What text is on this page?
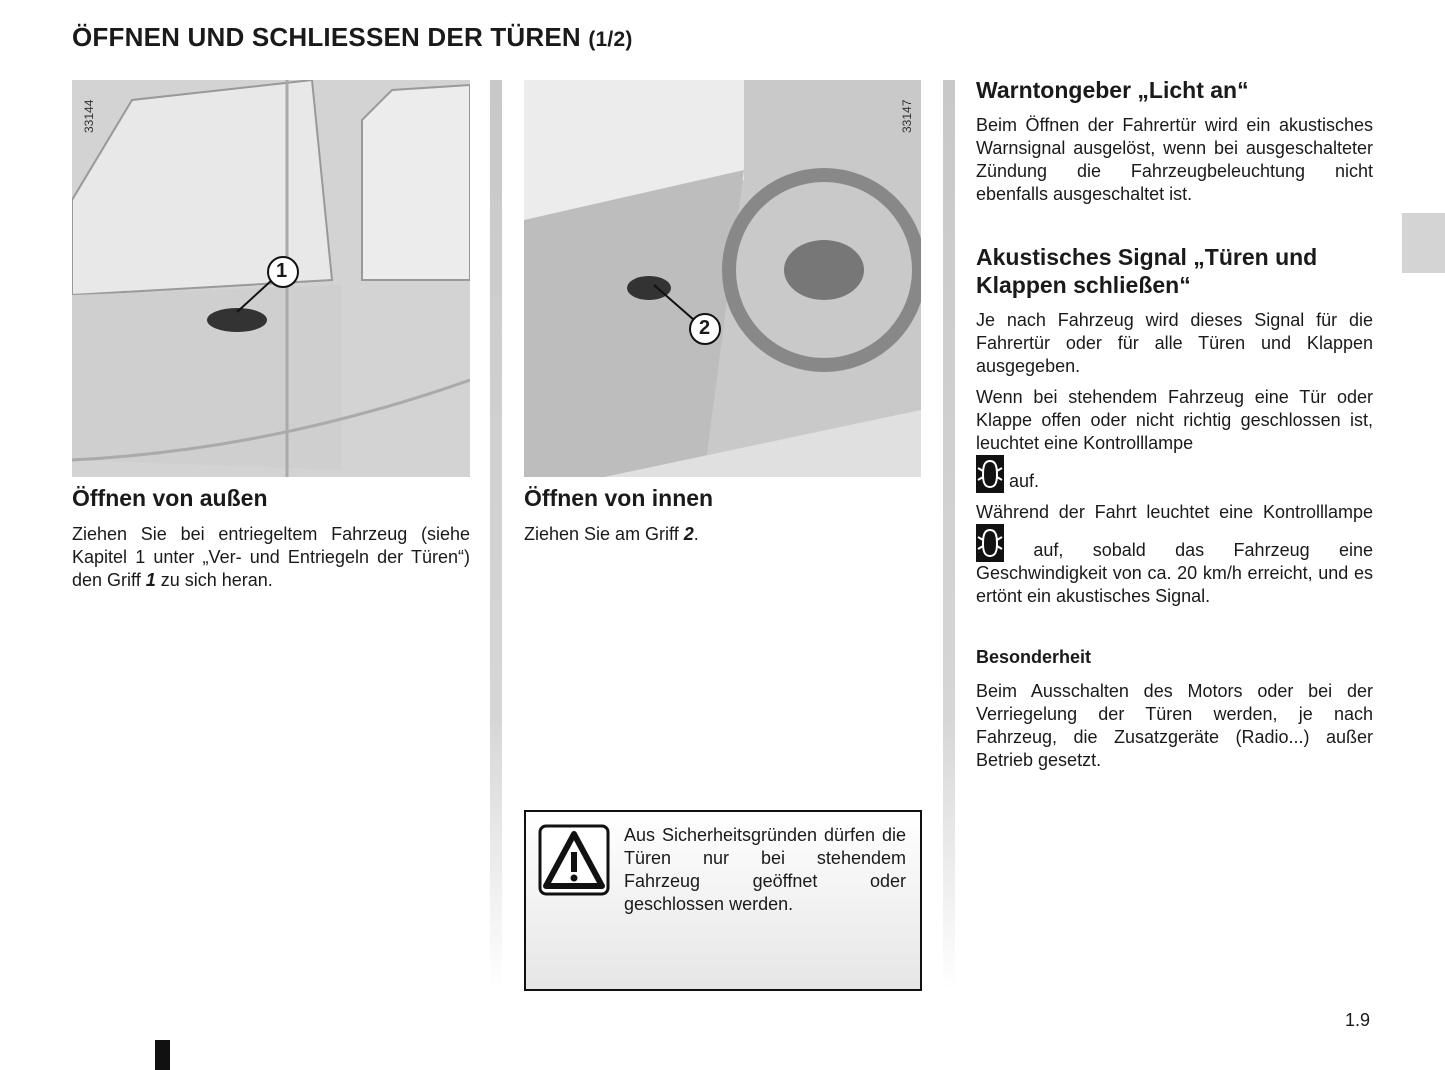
ÖFFNEN UND SCHLIESSEN DER TÜREN (1/2)
1
33144
2
33147
Öffnen von außen
Ziehen Sie bei entriegeltem Fahrzeug (siehe Kapitel 1 unter „Ver- und Entriegeln der Türen“) den Griff 1 zu sich heran.
Öffnen von innen
Ziehen Sie am Griff 2.
Aus Sicherheitsgründen dürfen die Türen nur bei stehendem Fahrzeug geöffnet oder geschlossen werden.
Warntongeber „Licht an“
Beim Öffnen der Fahrertür wird ein akustisches Warnsignal ausgelöst, wenn bei ausgeschalteter Zündung die Fahrzeugbeleuchtung nicht ebenfalls ausgeschaltet ist.
Akustisches Signal „Türen und Klappen schließen“

Je nach Fahrzeug wird dieses Signal für die Fahrertür oder für alle Türen und Klappen ausgegeben.

Wenn bei stehendem Fahrzeug eine Tür oder Klappe offen oder nicht richtig geschlossen ist, leuchtet eine Kontrolllampe
auf.

Während der Fahrt leuchtet eine Kontrolllampe  auf, sobald das Fahrzeug eine Geschwindigkeit von ca. 20 km/h erreicht, und es ertönt ein akustisches Signal.

Besonderheit
Beim Ausschalten des Motors oder bei der Verriegelung der Türen werden, je nach Fahrzeug, die Zusatzgeräte (Radio...) außer Betrieb gesetzt.
1.9
